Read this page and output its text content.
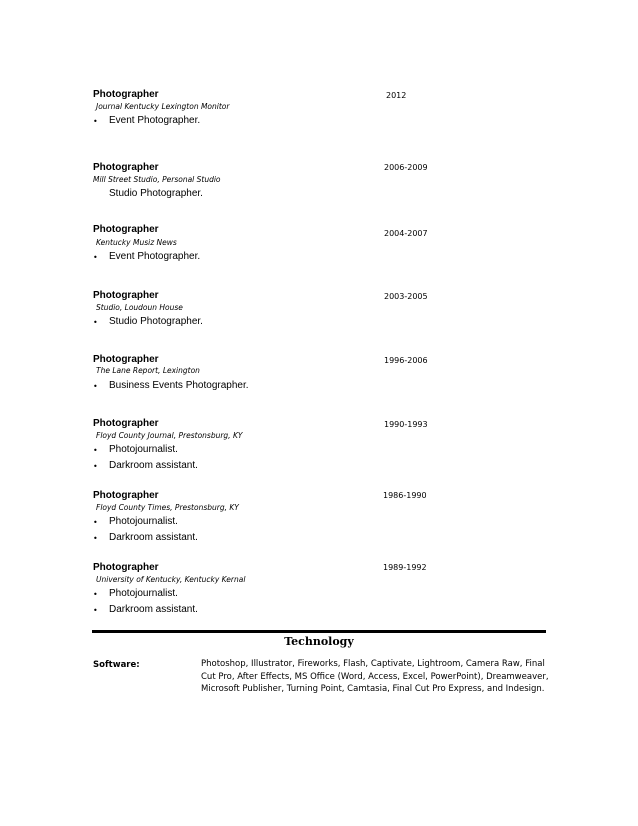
Photographer	2012
Journal Kentucky Lexington Monitor
• Event Photographer.
Photographer	2006-2009
Mill Street Studio, Personal Studio
Studio Photographer.
Photographer	2004-2007
Kentucky Musiz News
• Event Photographer.
Photographer	2003-2005
Studio, Loudoun House
• Studio Photographer.
Photographer	1996-2006
The Lane Report, Lexington
• Business Events Photographer.
Photographer	1990-1993
Floyd County Journal, Prestonsburg, KY
• Photojournalist.
• Darkroom assistant.
Photographer	1986-1990
Floyd County Times, Prestonsburg, KY
• Photojournalist.
• Darkroom assistant.
Photographer	1989-1992
University of Kentucky, Kentucky Kernal
• Photojournalist.
• Darkroom assistant.
Technology
Software:	Photoshop, Illustrator, Fireworks, Flash, Captivate, Lightroom, Camera Raw, Final Cut Pro, After Effects, MS Office (Word, Access, Excel, PowerPoint), Dreamweaver, Microsoft Publisher, Turning Point, Camtasia, Final Cut Pro Express, and Indesign.
